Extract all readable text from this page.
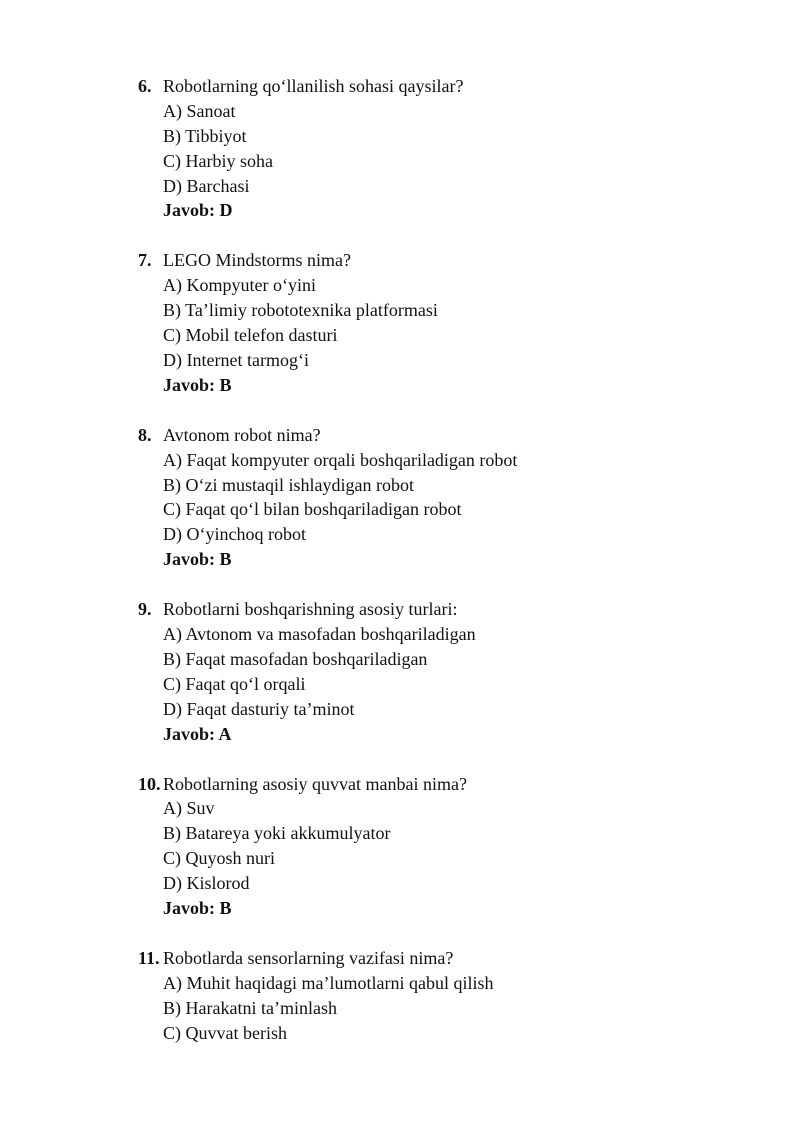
6. Robotlarning qo‘llanilish sohasi qaysilar?
A) Sanoat
B) Tibbiyot
C) Harbiy soha
D) Barchasi
Javob: D
7. LEGO Mindstorms nima?
A) Kompyuter o‘yini
B) Ta’limiy robototexnika platformasi
C) Mobil telefon dasturi
D) Internet tarmog‘i
Javob: B
8. Avtonom robot nima?
A) Faqat kompyuter orqali boshqariladigan robot
B) O‘zi mustaqil ishlaydigan robot
C) Faqat qo‘l bilan boshqariladigan robot
D) O‘yinchoq robot
Javob: B
9. Robotlarni boshqarishning asosiy turlari:
A) Avtonom va masofadan boshqariladigan
B) Faqat masofadan boshqariladigan
C) Faqat qo‘l orqali
D) Faqat dasturiy ta’minot
Javob: A
10. Robotlarning asosiy quvvat manbai nima?
A) Suv
B) Batareya yoki akkumulyator
C) Quyosh nuri
D) Kislorod
Javob: B
11. Robotlarda sensorlarning vazifasi nima?
A) Muhit haqidagi ma’lumotlarni qabul qilish
B) Harakatni ta’minlash
C) Quvvat berish
